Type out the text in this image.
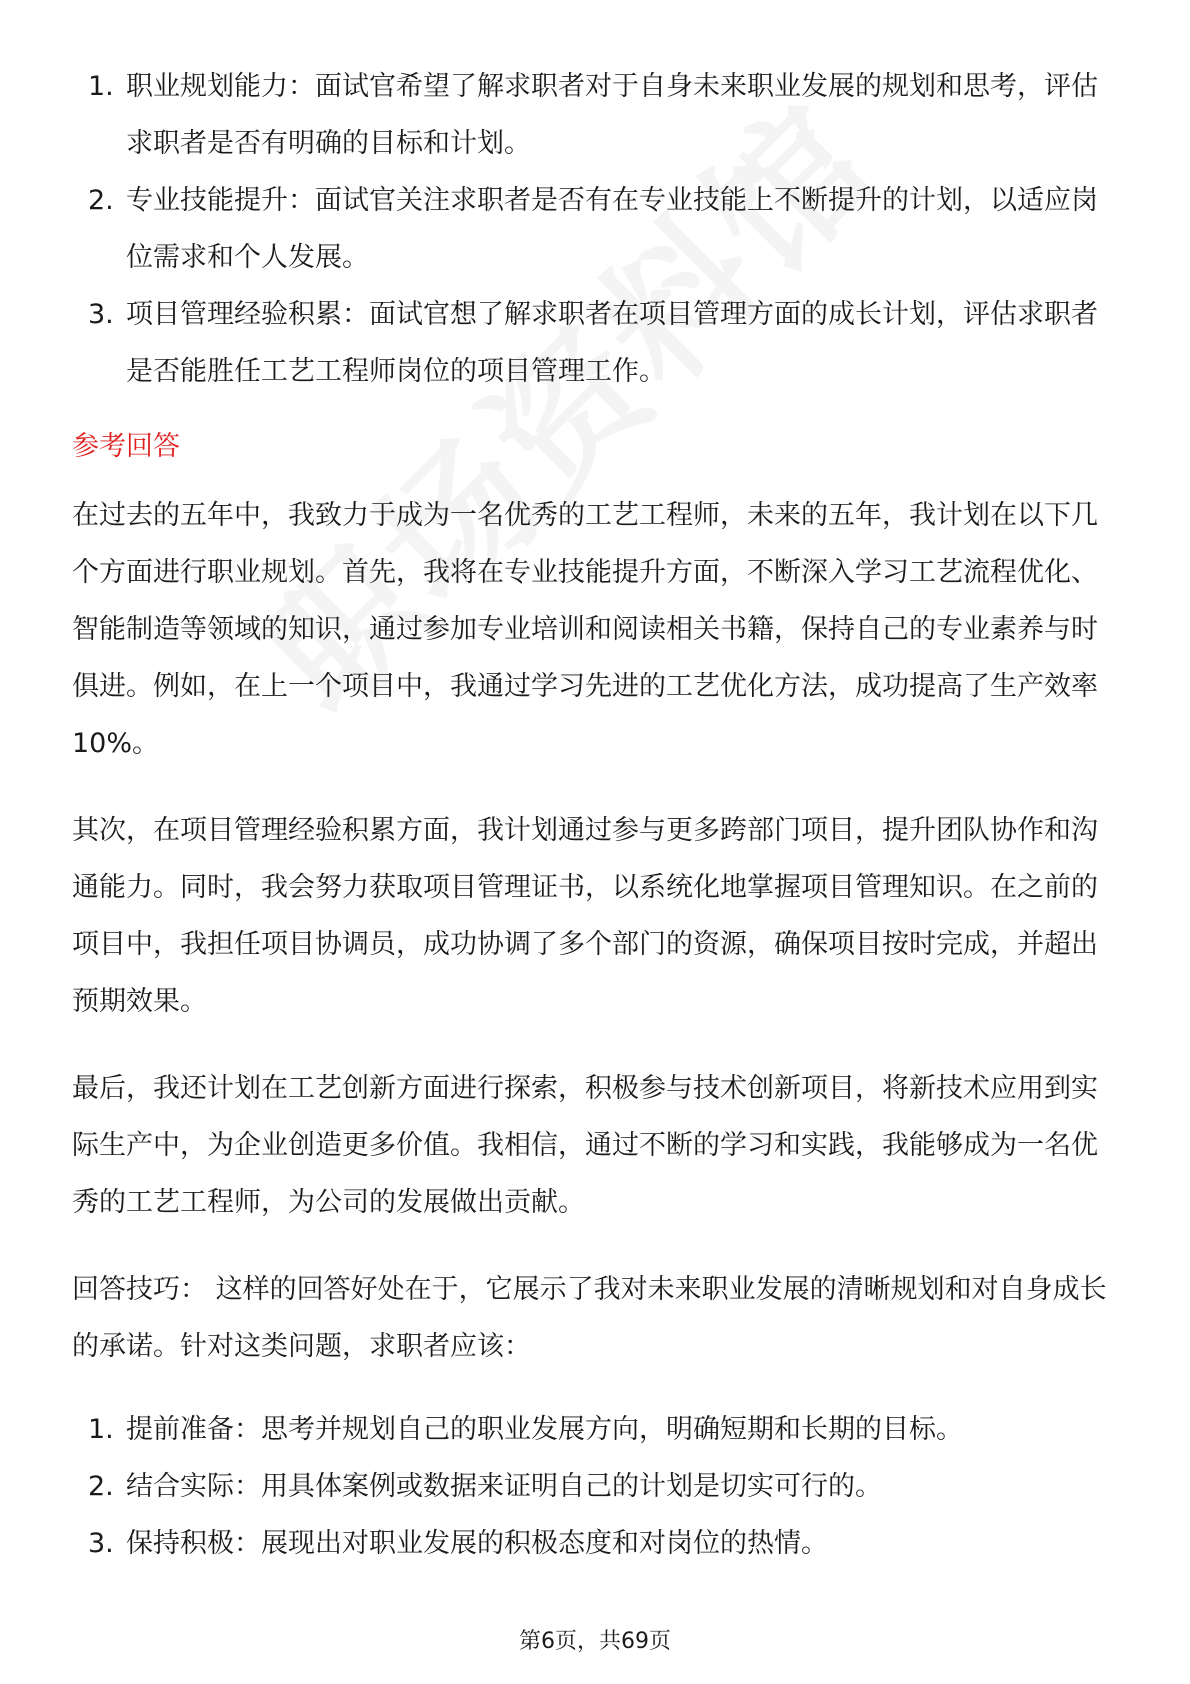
1. 职业规划能力：面试官希望了解求职者对于自身未来职业发展的规划和思考，评估求职者是否有明确的目标和计划。
2. 专业技能提升：面试官关注求职者是否有在专业技能上不断提升的计划，以适应岗位需求和个人发展。
3. 项目管理经验积累：面试官想了解求职者在项目管理方面的成长计划，评估求职者是否能胜任工艺工程师岗位的项目管理工作。
参考回答

在过去的五年中，我致力于成为一名优秀的工艺工程师，未来的五年，我计划在以下几个方面进行职业规划。首先，我将在专业技能提升方面，不断深入学习工艺流程优化、智能制造等领域的知识，通过参加专业培训和阅读相关书籍，保持自己的专业素养与时俱进。例如，在上一个项目中，我通过学习先进的工艺优化方法，成功提高了生产效率10%。

其次，在项目管理经验积累方面，我计划通过参与更多跨部门项目，提升团队协作和沟通能力。同时，我会努力获取项目管理证书，以系统化地掌握项目管理知识。在之前的项目中，我担任项目协调员，成功协调了多个部门的资源，确保项目按时完成，并超出预期效果。

最后，我还计划在工艺创新方面进行探索，积极参与技术创新项目，将新技术应用到实际生产中，为企业创造更多价值。我相信，通过不断的学习和实践，我能够成为一名优秀的工艺工程师，为公司的发展做出贡献。

回答技巧： 这样的回答好处在于，它展示了我对未来职业发展的清晰规划和对自身成长的承诺。针对这类问题，求职者应该：

1. 提前准备：思考并规划自己的职业发展方向，明确短期和长期的目标。
2. 结合实际：用具体案例或数据来证明自己的计划是切实可行的。
3. 保持积极：展现出对职业发展的积极态度和对岗位的热情。
第6页，共69页
